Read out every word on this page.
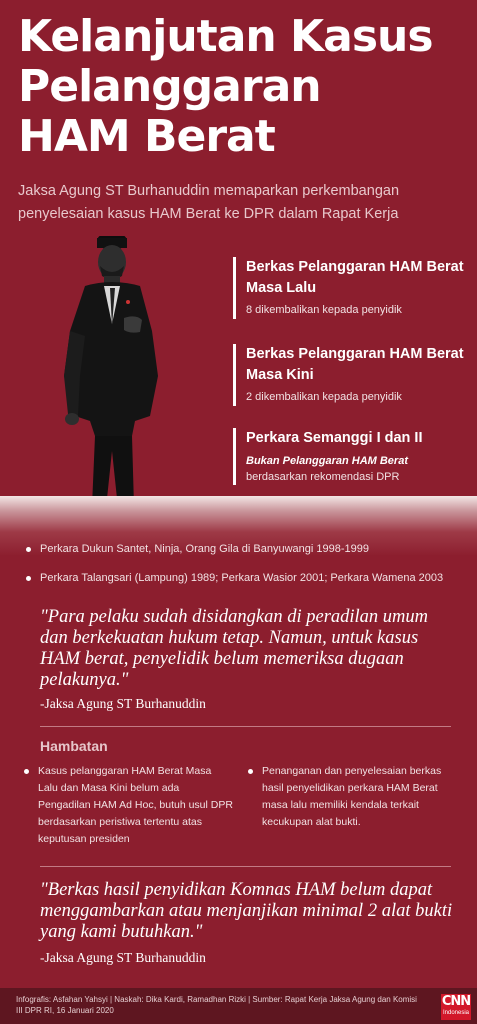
Kelanjutan Kasus
Pelanggaran
HAM Berat

Jaksa Agung ST Burhanuddin memaparkan perkembangan penyelesaian kasus HAM Berat ke DPR dalam Rapat Kerja

Berkas Pelanggaran HAM Berat Masa Lalu
8 dikembalikan kepada penyidik
Berkas Pelanggaran HAM Berat Masa Kini
2 dikembalikan kepada penyidik
Perkara Semanggi I dan II
Bukan Pelanggaran HAM Berat
berdasarkan rekomendasi DPR
Perkara Dukun Santet, Ninja, Orang Gila di Banyuwangi 1998-1999
Perkara Talangsari (Lampung) 1989; Perkara Wasior 2001; Perkara Wamena 2003

"Para pelaku sudah disidangkan di peradilan umum dan berkekuatan hukum tetap. Namun, untuk kasus HAM berat, penyelidik belum memeriksa dugaan pelakunya."

-Jaksa Agung ST Burhanuddin
Hambatan
Kasus pelanggaran HAM Berat Masa Lalu dan Masa Kini belum ada Pengadilan HAM Ad Hoc, butuh usul DPR berdasarkan peristiwa tertentu atas keputusan presiden
Penanganan dan penyelesaian berkas hasil penyelidikan perkara HAM Berat masa lalu memiliki kendala terkait kecukupan alat bukti.

"Berkas hasil penyidikan Komnas HAM belum dapat menggambarkan atau menjanjikan minimal 2 alat bukti yang kami butuhkan."

-Jaksa Agung ST Burhanuddin
Infografis: Asfahan Yahsyi | Naskah: Dika Kardi, Ramadhan Rizki | Sumber: Rapat Kerja Jaksa Agung dan Komisi III DPR RI, 16 Januari 2020
CNN
Indonesia
